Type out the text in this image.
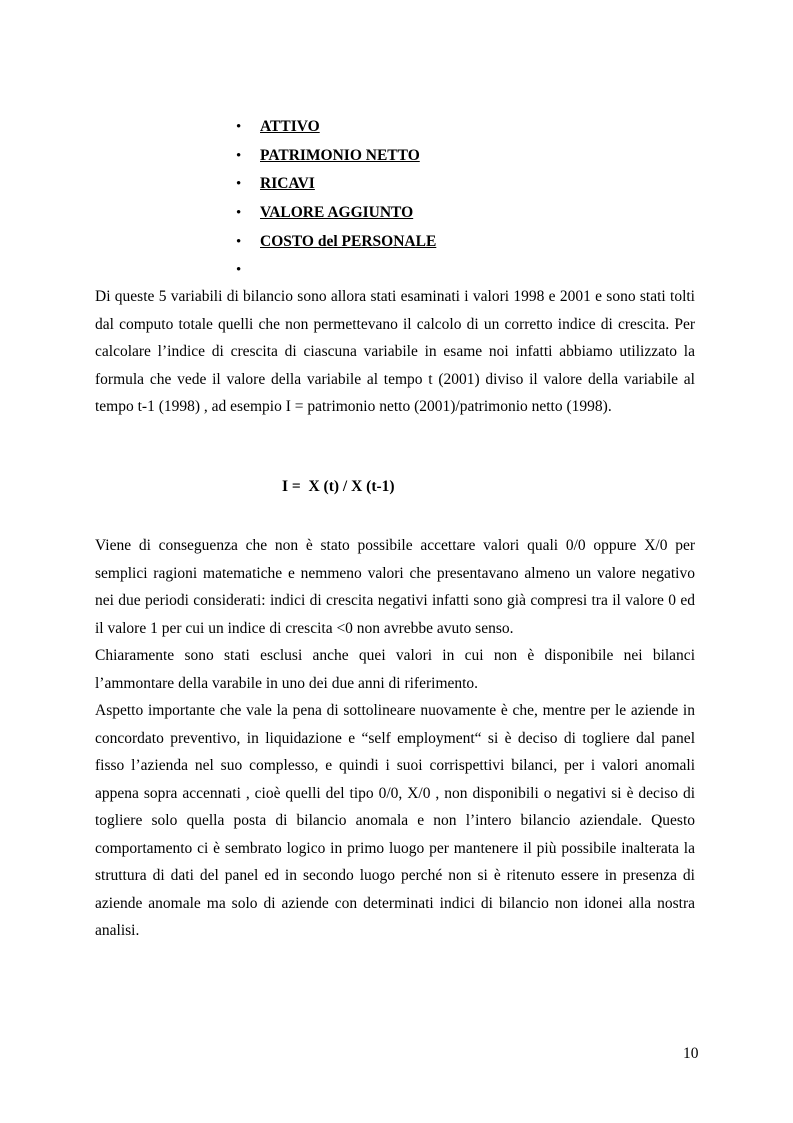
• ATTIVO
• PATRIMONIO NETTO
• RICAVI
• VALORE AGGIUNTO
• COSTO del PERSONALE
•

Di queste 5 variabili di bilancio sono allora stati esaminati i valori 1998 e 2001 e sono stati tolti dal computo totale quelli che non permettevano il calcolo di un corretto indice di crescita. Per calcolare l’indice di crescita di ciascuna variabile in esame noi infatti abbiamo utilizzato la formula che vede il valore della variabile al tempo t (2001) diviso il valore della variabile al tempo t-1 (1998) , ad esempio I = patrimonio netto (2001)/patrimonio netto (1998).

I =  X (t) / X (t-1)
Viene di conseguenza che non è stato possibile accettare valori quali 0/0 oppure X/0 per semplici ragioni matematiche e nemmeno valori che presentavano almeno un valore negativo nei due periodi considerati: indici di crescita negativi infatti sono già compresi tra il valore 0 ed il valore 1 per cui un indice di crescita <0 non avrebbe avuto senso.
Chiaramente sono stati esclusi anche quei valori in cui non è disponibile nei bilanci l’ammontare della varabile in uno dei due anni di riferimento.
Aspetto importante che vale la pena di sottolineare nuovamente è che, mentre per le aziende in concordato preventivo, in liquidazione e “self employment“ si è deciso di togliere dal panel fisso l’azienda nel suo complesso, e quindi i suoi corrispettivi bilanci, per i valori anomali appena sopra accennati , cioè quelli del tipo 0/0, X/0 , non disponibili o negativi si è deciso di togliere solo quella posta di bilancio anomala e non l’intero bilancio aziendale. Questo comportamento ci è sembrato logico in primo luogo per mantenere il più possibile inalterata la struttura di dati del panel ed in secondo luogo perché non si è ritenuto essere in presenza di aziende anomale ma solo di aziende con determinati indici di bilancio non idonei alla nostra analisi.
10
